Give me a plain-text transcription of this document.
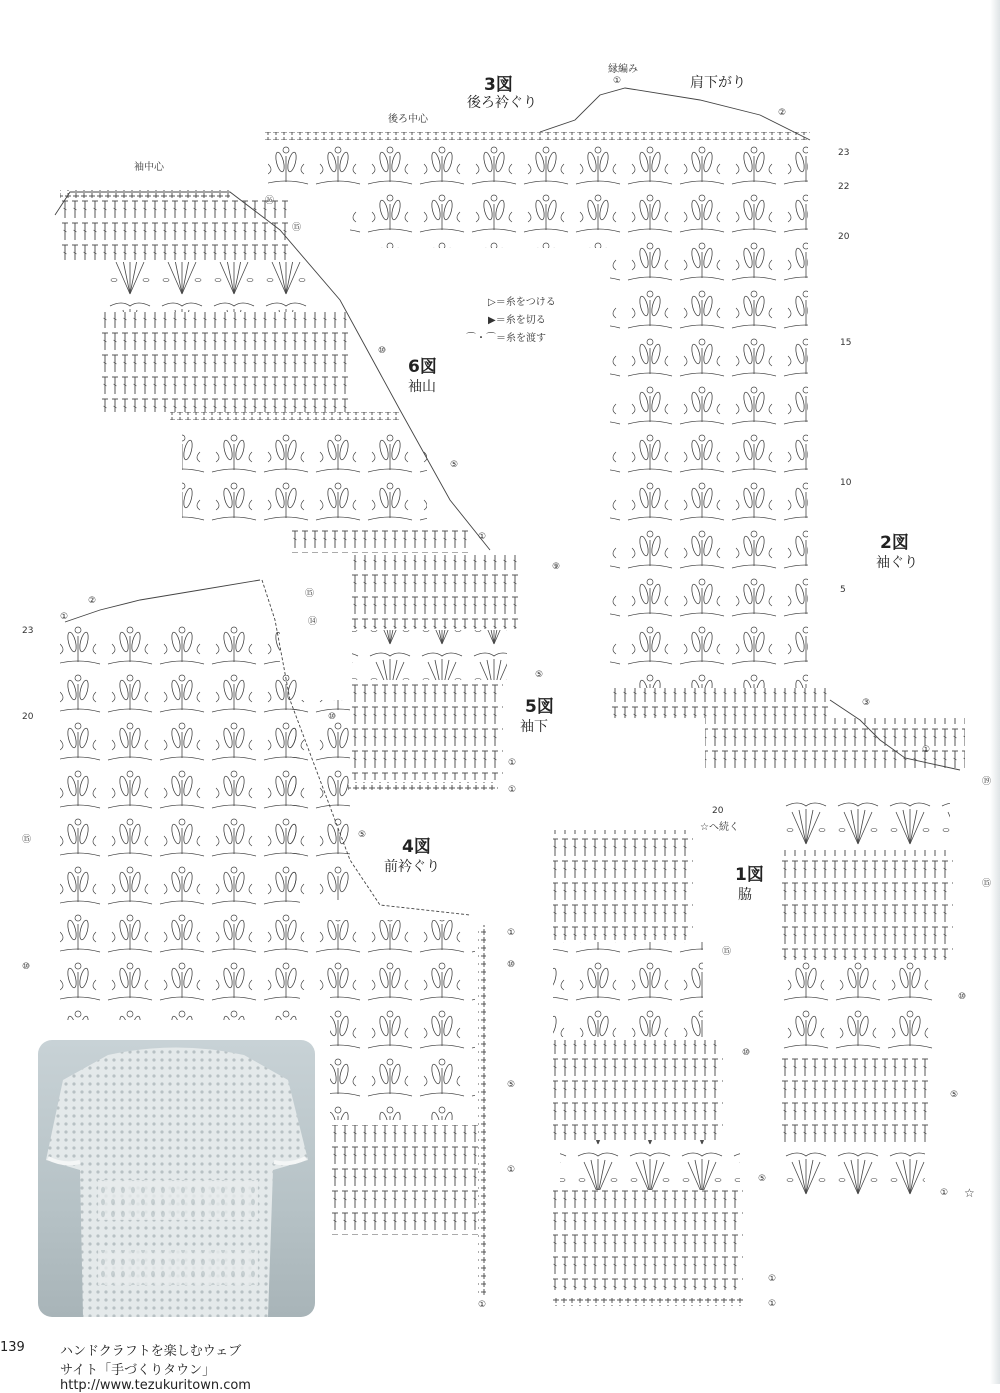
3図
後ろ衿ぐり
後ろ中心
縁編み
肩下がり
6図
袖山
袖中心
2図
袖ぐり
5図
袖下
4図
前衿ぐり	1図
脇
☆へ続く
▷＝糸をつける
▶＝糸を切る
⌒・⌒＝糸を渡す
①
②
23
22
20
15
10
5
③
①
⑯
⑮
⑩
⑤
①
⑨
⑤
①
①
⑮
⑭
23
20	⑩
⑮	⑤
①
⑩
⑤
①
①
①
②
⑩
⑲
20
⑮
⑮
⑩
⑩
⑤
⑤
①
①
①
☆
139	ハンドクラフトを楽しむウェブサイト「手づくりタウン」http://www.tezukuritown.com
